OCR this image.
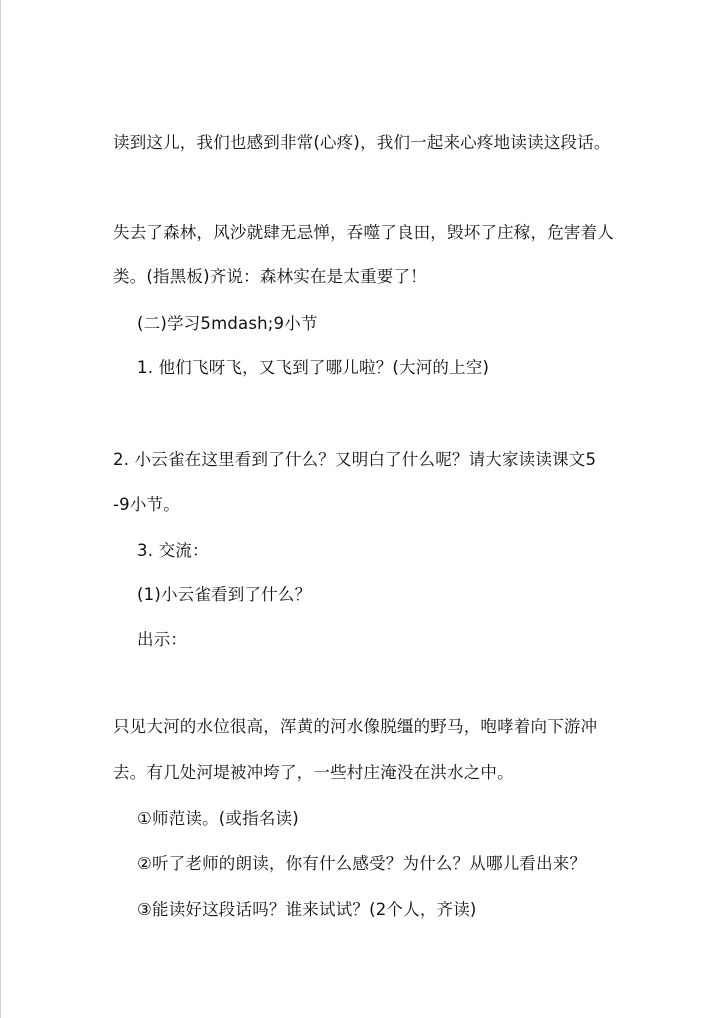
读到这儿，我们也感到非常(心疼)，我们一起来心疼地读读这段话。
失去了森林，风沙就肆无忌惮，吞噬了良田，毁坏了庄稼，危害着人
类。(指黑板)齐说：森林实在是太重要了！
(二)学习5mdash;9小节
1. 他们飞呀飞，又飞到了哪儿啦？(大河的上空)
2. 小云雀在这里看到了什么？又明白了什么呢？请大家读读课文5
-9小节。
3. 交流：
(1)小云雀看到了什么？
出示：
只见大河的水位很高，浑黄的河水像脱缰的野马，咆哮着向下游冲
去。有几处河堤被冲垮了，一些村庄淹没在洪水之中。
①师范读。(或指名读)
②听了老师的朗读，你有什么感受？为什么？从哪儿看出来？
③能读好这段话吗？谁来试试？(2个人，齐读)
